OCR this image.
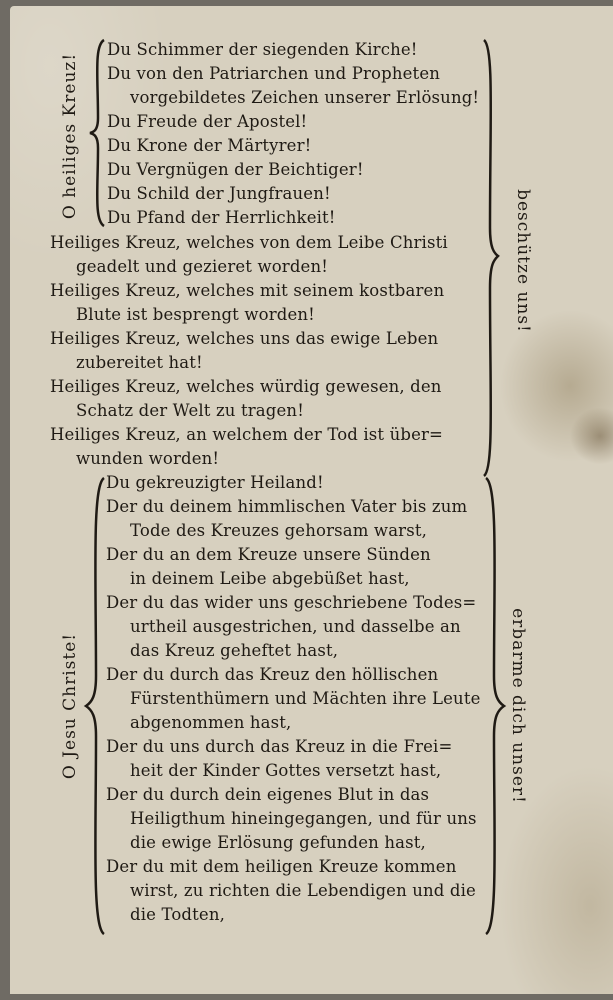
O heiliges Kreuz!
O Jesu Christe!
beschütze uns!
erbarme dich unser!
Du Schimmer der siegenden Kirche!
Du von den Patriarchen und Propheten
vorgebildetes Zeichen unserer Erlösung!
Du Freude der Apostel!
Du Krone der Märtyrer!
Du Vergnügen der Beichtiger!
Du Schild der Jungfrauen!
Du Pfand der Herrlichkeit!
Heiliges Kreuz, welches von dem Leibe Christi
geadelt und gezieret worden!
Heiliges Kreuz, welches mit seinem kostbaren
Blute ist besprengt worden!
Heiliges Kreuz, welches uns das ewige Leben
zubereitet hat!
Heiliges Kreuz, welches würdig gewesen, den
Schatz der Welt zu tragen!
Heiliges Kreuz, an welchem der Tod ist über=
wunden worden!
Du gekreuzigter Heiland!
Der du deinem himmlischen Vater bis zum
Tode des Kreuzes gehorsam warst,
Der du an dem Kreuze unsere Sünden
in deinem Leibe abgebüßet hast,
Der du das wider uns geschriebene Todes=
urtheil ausgestrichen, und dasselbe an
das Kreuz geheftet hast,
Der du durch das Kreuz den höllischen
Fürstenthümern und Mächten ihre Leute
abgenommen hast,
Der du uns durch das Kreuz in die Frei=
heit der Kinder Gottes versetzt hast,
Der du durch dein eigenes Blut in das
Heiligthum hineingegangen, und für uns
die ewige Erlösung gefunden hast,
Der du mit dem heiligen Kreuze kommen
wirst, zu richten die Lebendigen und die
die Todten,
